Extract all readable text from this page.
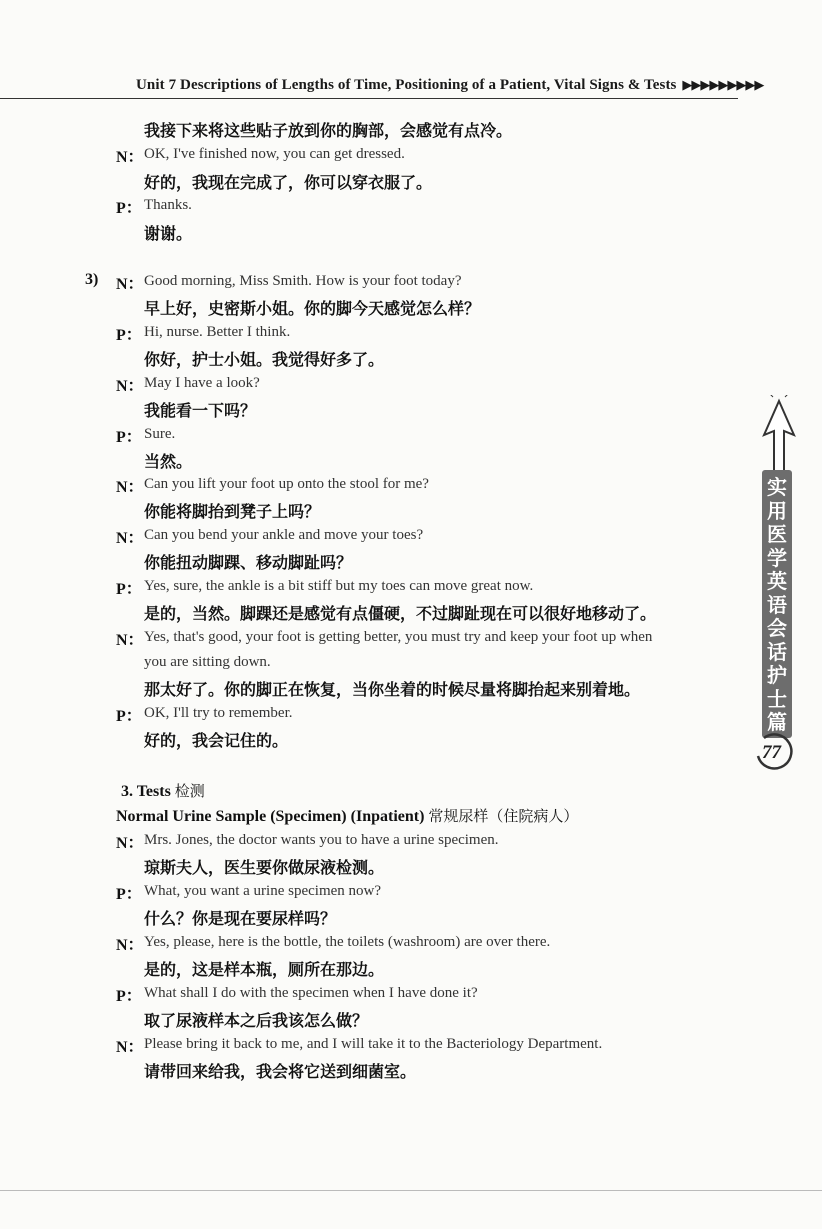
Unit 7 Descriptions of Lengths of Time, Positioning of a Patient, Vital Signs & Tests ▶▶▶▶▶▶▶▶▶
我接下来将这些贴子放到你的胸部，会感觉有点冷。
N： OK, I've finished now, you can get dressed.
好的，我现在完成了，你可以穿衣服了。
P： Thanks.
谢谢。
3) N： Good morning, Miss Smith. How is your foot today?
早上好，史密斯小姐。你的脚今天感觉怎么样？
P： Hi, nurse. Better I think.
你好，护士小姐。我觉得好多了。
N： May I have a look?
我能看一下吗？
P： Sure.
当然。
N： Can you lift your foot up onto the stool for me?
你能将脚抬到凳子上吗？
N： Can you bend your ankle and move your toes?
你能扭动脚踝、移动脚趾吗？
P： Yes, sure, the ankle is a bit stiff but my toes can move great now.
是的，当然。脚踝还是感觉有点僵硬，不过脚趾现在可以很好地移动了。
N： Yes, that's good, your foot is getting better, you must try and keep your foot up when
you are sitting down.
那太好了。你的脚正在恢复，当你坐着的时候尽量将脚抬起来别着地。
P： OK, I'll try to remember.
好的，我会记住的。
3. Tests 检测
Normal Urine Sample (Specimen) (Inpatient) 常规尿样（住院病人）
N： Mrs. Jones, the doctor wants you to have a urine specimen.
琼斯夫人，医生要你做尿液检测。
P： What, you want a urine specimen now?
什么？你是现在要尿样吗？
N： Yes, please, here is the bottle, the toilets (washroom) are over there.
是的，这是样本瓶，厕所在那边。
P： What shall I do with the specimen when I have done it?
取了尿液样本之后我该怎么做？
N： Please bring it back to me, and I will take it to the Bacteriology Department.
请带回来给我，我会将它送到细菌室。
实用医学英语会话 护士篇
77
